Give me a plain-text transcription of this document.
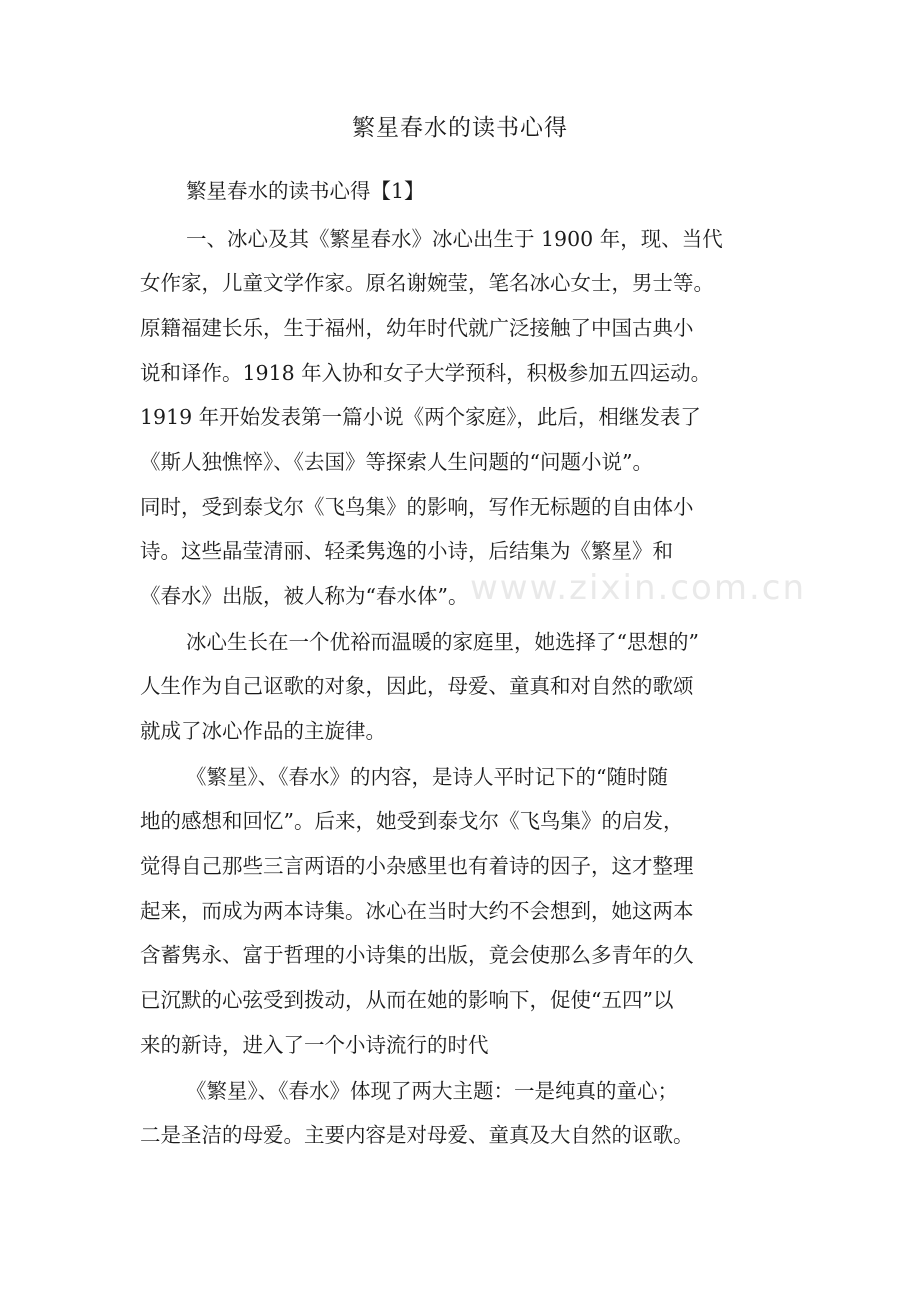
www.zixin.com.cn
繁星春水的读书心得
繁星春水的读书心得【1】
一、冰心及其《繁星春水》冰心出生于 1900 年，现、当代
女作家，儿童文学作家。原名谢婉莹，笔名冰心女士，男士等。
原籍福建长乐，生于福州，幼年时代就广泛接触了中国古典小
说和译作。1918 年入协和女子大学预科，积极参加五四运动。
1919 年开始发表第一篇小说《两个家庭》，此后，相继发表了
《斯人独憔悴》、《去国》等探索人生问题的“问题小说”。
同时，受到泰戈尔《飞鸟集》的影响，写作无标题的自由体小
诗。这些晶莹清丽、轻柔隽逸的小诗，后结集为《繁星》和
《春水》出版，被人称为“春水体”。
冰心生长在一个优裕而温暖的家庭里，她选择了“思想的”
人生作为自己讴歌的对象，因此，母爱、童真和对自然的歌颂
就成了冰心作品的主旋律。
《繁星》、《春水》的内容，是诗人平时记下的“随时随
地的感想和回忆”。后来，她受到泰戈尔《飞鸟集》的启发，
觉得自己那些三言两语的小杂感里也有着诗的因子，这才整理
起来，而成为两本诗集。冰心在当时大约不会想到，她这两本
含蓄隽永、富于哲理的小诗集的出版，竟会使那么多青年的久
已沉默的心弦受到拨动，从而在她的影响下，促使“五四”以
来的新诗，进入了一个小诗流行的时代
《繁星》、《春水》体现了两大主题：一是纯真的童心；
二是圣洁的母爱。主要内容是对母爱、童真及大自然的讴歌。
